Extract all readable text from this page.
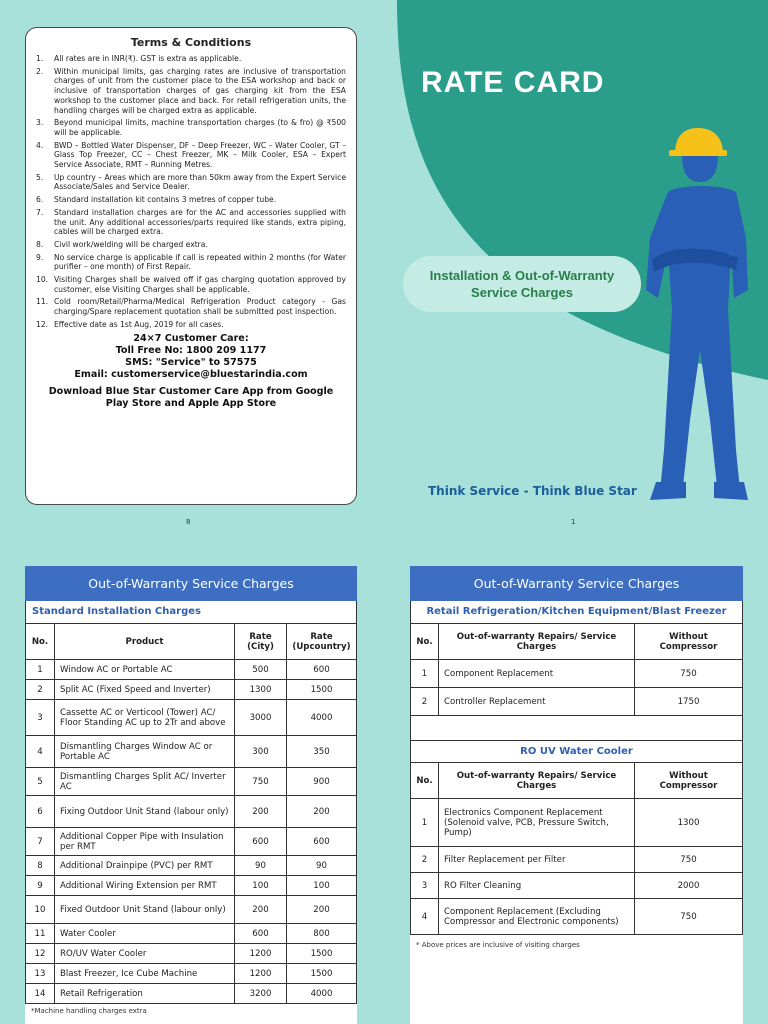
Terms & Conditions
1.	All rates are in INR(₹). GST is extra as applicable.
2.	Within municipal limits, gas charging rates are inclusive of transportation charges of unit from the customer place to the ESA workshop and back or inclusive of transportation charges of gas charging kit from the ESA workshop to the customer place and back. For retail refrigeration units, the handling charges will be charged extra as applicable.
3.	Beyond municipal limits, machine transportation charges (to & fro) @ ₹500 will be applicable.
4.	BWD – Bottled Water Dispenser, DF – Deep Freezer, WC – Water Cooler, GT – Glass Top Freezer, CC – Chest Freezer, MK – Milk Cooler, ESA – Expert Service Associate, RMT – Running Metres.
5.	Up country – Areas which are more than 50km away from the Expert Service Associate/Sales and Service Dealer.
6.	Standard installation kit contains 3 metres of copper tube.
7.	Standard installation charges are for the AC and accessories supplied with the unit. Any additional accessories/parts required like stands, extra piping, cables will be charged extra.
8.	Civil work/welding will be charged extra.
9.	No service charge is applicable if call is repeated within 2 months (for Water purifier – one month) of First Repair.
10. Visiting Charges shall be waived off if gas charging quotation approved by customer, else Visiting Charges shall be applicable.
11. Cold room/Retail/Pharma/Medical Refrigeration Product category - Gas charging/Spare replacement quotation shall be submitted post inspection.
12. Effective date as 1st Aug, 2019 for all cases.
24×7 Customer Care:
Toll Free No: 1800 209 1177
SMS: "Service" to 57575
Email: customerservice@bluestarindia.com
Download Blue Star Customer Care App from Google Play Store and Apple App Store
8
RATE CARD
Installation & Out-of-Warranty
Service Charges
Think Service - Think Blue Star
1
Out-of-Warranty Service Charges
Standard Installation Charges
No.	Product	Rate (City)	Rate (Upcountry)
1	Window AC or Portable AC	500	600
2	Split AC (Fixed Speed and Inverter)	1300	1500
3	Cassette AC or Verticool (Tower) AC/ Floor Standing AC up to 2Tr and above	3000	4000
4	Dismantling Charges Window AC or Portable AC	300	350
5	Dismantling Charges Split AC/ Inverter AC	750	900
6	Fixing Outdoor Unit Stand (labour only)	200	200
7	Additional Copper Pipe with Insulation per RMT	600	600
8	Additional Drainpipe (PVC) per RMT	90	90
9	Additional Wiring Extension per RMT	100	100
10	Fixed Outdoor Unit Stand (labour only)	200	200
11	Water Cooler	600	800
12	RO/UV Water Cooler	1200	1500
13	Blast Freezer, Ice Cube Machine	1200	1500
14	Retail Refrigeration	3200	4000
*Machine handling charges extra
Out-of-Warranty Service Charges
Retail Refrigeration/Kitchen Equipment/Blast Freezer
No.	Out-of-warranty Repairs/ Service Charges	Without Compressor
1	Component Replacement	750
2	Controller Replacement	1750
RO UV Water Cooler
No.	Out-of-warranty Repairs/ Service Charges	Without Compressor
1	Electronics Component Replacement (Solenoid valve, PCB, Pressure Switch, Pump)	1300
2	Filter Replacement per Filter	750
3	RO Filter Cleaning	2000
4	Component Replacement (Excluding Compressor and Electronic components)	750
* Above prices are inclusive of visiting charges
